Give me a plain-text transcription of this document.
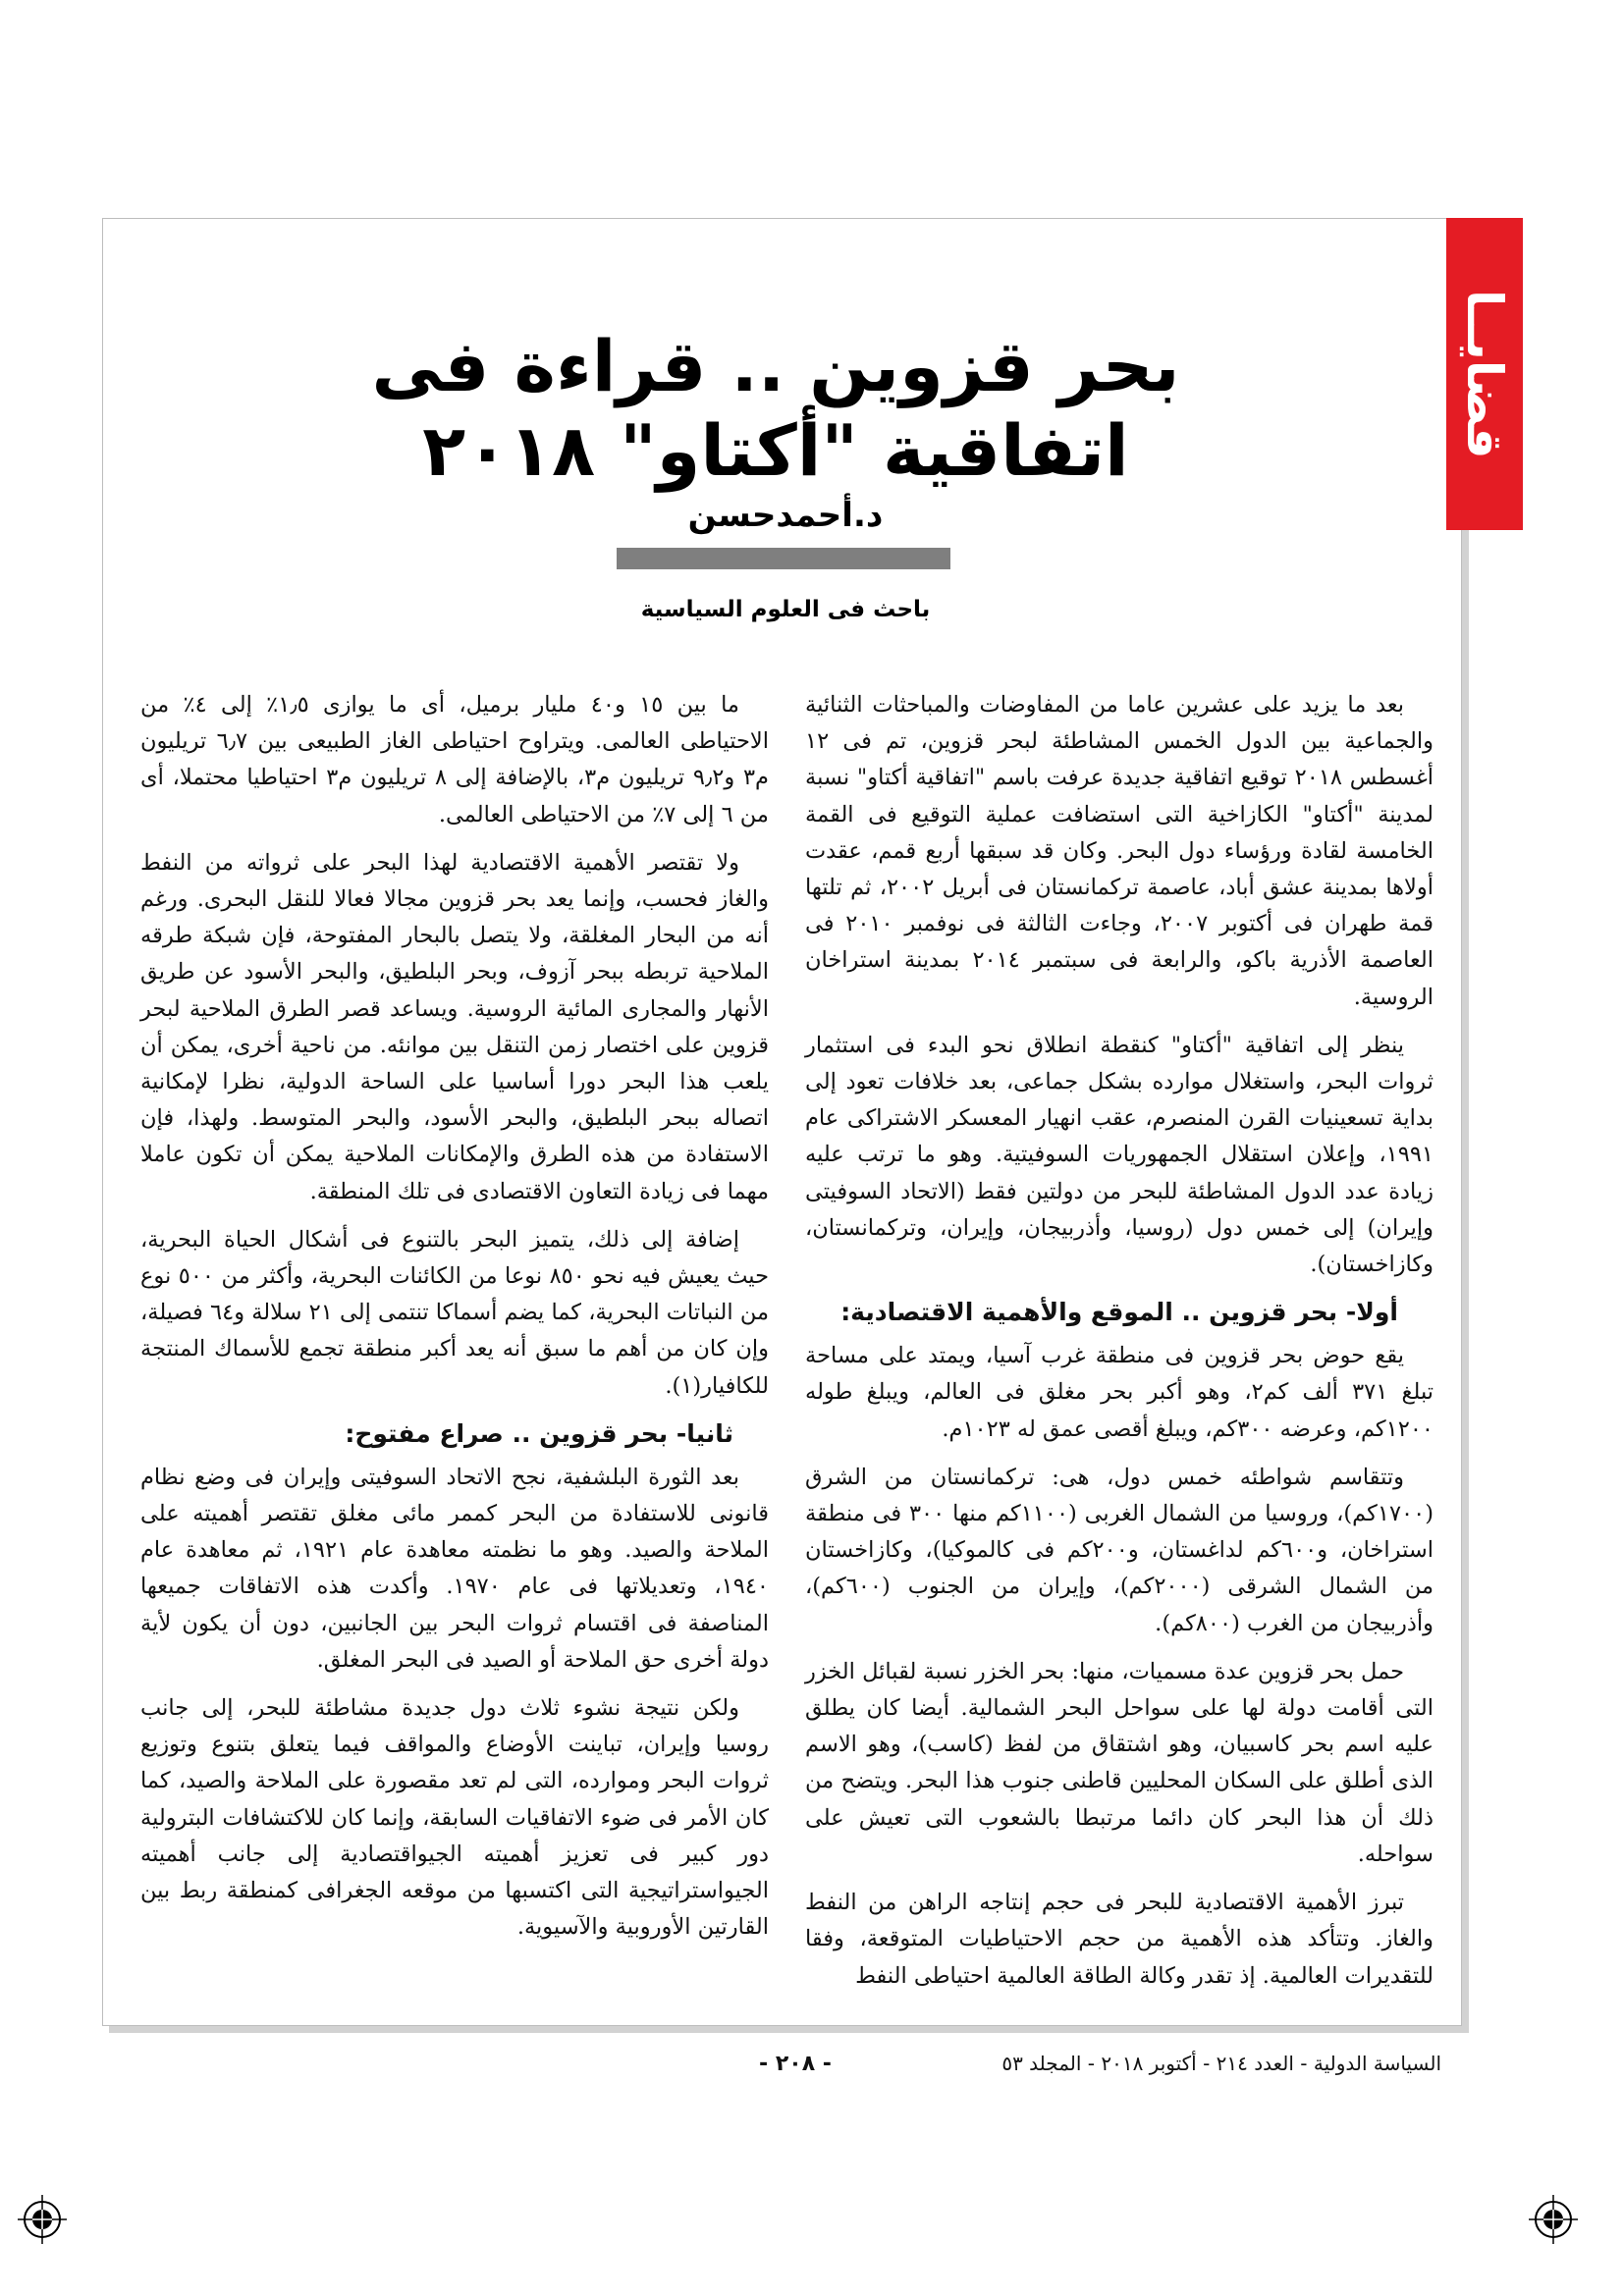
قضايــا
بحر قزوين .. قراءة فى اتفاقية "أكتاو" ٢٠١٨
د.أحمدحسن
باحث فى العلوم السياسية

بعد ما يزيد على عشرين عاما من المفاوضات والمباحثات الثنائية والجماعية بين الدول الخمس المشاطئة لبحر قزوين، تم فى ١٢ أغسطس ٢٠١٨ توقيع اتفاقية جديدة عرفت باسم "اتفاقية أكتاو" نسبة لمدينة "أكتاو" الكازاخية التى استضافت عملية التوقيع فى القمة الخامسة لقادة ورؤساء دول البحر. وكان قد سبقها أربع قمم، عقدت أولاها بمدينة عشق أباد، عاصمة تركمانستان فى أبريل ٢٠٠٢، ثم تلتها قمة طهران فى أكتوبر ٢٠٠٧، وجاءت الثالثة فى نوفمبر ٢٠١٠ فى العاصمة الأذرية باكو، والرابعة فى سبتمبر ٢٠١٤ بمدينة استراخان الروسية.

ينظر إلى اتفاقية "أكتاو" كنقطة انطلاق نحو البدء فى استثمار ثروات البحر، واستغلال موارده بشكل جماعى، بعد خلافات تعود إلى بداية تسعينيات القرن المنصرم، عقب انهيار المعسكر الاشتراكى عام ١٩٩١، وإعلان استقلال الجمهوريات السوفيتية. وهو ما ترتب عليه زيادة عدد الدول المشاطئة للبحر من دولتين فقط (الاتحاد السوفيتى وإيران) إلى خمس دول (روسيا، وأذربيجان، وإيران، وتركمانستان، وكازاخستان).

أولا- بحر قزوين .. الموقع والأهمية الاقتصادية:

يقع حوض بحر قزوين فى منطقة غرب آسيا، ويمتد على مساحة تبلغ ٣٧١ ألف كم٢، وهو أكبر بحر مغلق فى العالم، ويبلغ طوله ١٢٠٠كم، وعرضه ٣٠٠كم، ويبلغ أقصى عمق له ١٠٢٣م.

وتتقاسم شواطئه خمس دول، هى: تركمانستان من الشرق (١٧٠٠كم)، وروسيا من الشمال الغربى (١١٠٠كم منها ٣٠٠ فى منطقة استراخان، و٦٠٠كم لداغستان، و٢٠٠كم فى كالموكيا)، وكازاخستان من الشمال الشرقى (٢٠٠٠كم)، وإيران من الجنوب (٦٠٠كم)، وأذربيجان من الغرب (٨٠٠كم).

حمل بحر قزوين عدة مسميات، منها: بحر الخزر نسبة لقبائل الخزر التى أقامت دولة لها على سواحل البحر الشمالية. أيضا كان يطلق عليه اسم بحر كاسبيان، وهو اشتقاق من لفظ (كاسب)، وهو الاسم الذى أطلق على السكان المحليين قاطنى جنوب هذا البحر. ويتضح من ذلك أن هذا البحر كان دائما مرتبطا بالشعوب التى تعيش على سواحله.

تبرز الأهمية الاقتصادية للبحر فى حجم إنتاجه الراهن من النفط والغاز. وتتأكد هذه الأهمية من حجم الاحتياطيات المتوقعة، وفقا للتقديرات العالمية. إذ تقدر وكالة الطاقة العالمية احتياطى النفط

ما بين ١٥ و٤٠ مليار برميل، أى ما يوازى ١٫٥٪ إلى ٤٪ من الاحتياطى العالمى. ويتراوح احتياطى الغاز الطبيعى بين ٦٫٧ تريليون م٣ و٩٫٢ تريليون م٣، بالإضافة إلى ٨ تريليون م٣ احتياطيا محتملا، أى من ٦ إلى ٧٪ من الاحتياطى العالمى.

ولا تقتصر الأهمية الاقتصادية لهذا البحر على ثرواته من النفط والغاز فحسب، وإنما يعد بحر قزوين مجالا فعالا للنقل البحرى. ورغم أنه من البحار المغلقة، ولا يتصل بالبحار المفتوحة، فإن شبكة طرقه الملاحية تربطه ببحر آزوف، وبحر البلطيق، والبحر الأسود عن طريق الأنهار والمجارى المائية الروسية. ويساعد قصر الطرق الملاحية لبحر قزوين على اختصار زمن التنقل بين موانئه. من ناحية أخرى، يمكن أن يلعب هذا البحر دورا أساسيا على الساحة الدولية، نظرا لإمكانية اتصاله ببحر البلطيق، والبحر الأسود، والبحر المتوسط. ولهذا، فإن الاستفادة من هذه الطرق والإمكانات الملاحية يمكن أن تكون عاملا مهما فى زيادة التعاون الاقتصادى فى تلك المنطقة.

إضافة إلى ذلك، يتميز البحر بالتنوع فى أشكال الحياة البحرية، حيث يعيش فيه نحو ٨٥٠ نوعا من الكائنات البحرية، وأكثر من ٥٠٠ نوع من النباتات البحرية، كما يضم أسماكا تنتمى إلى ٢١ سلالة و٦٤ فصيلة، وإن كان من أهم ما سبق أنه يعد أكبر منطقة تجمع للأسماك المنتجة للكافيار(١).

ثانيا- بحر قزوين .. صراع مفتوح:

بعد الثورة البلشفية، نجح الاتحاد السوفيتى وإيران فى وضع نظام قانونى للاستفادة من البحر كممر مائى مغلق تقتصر أهميته على الملاحة والصيد. وهو ما نظمته معاهدة عام ١٩٢١، ثم معاهدة عام ١٩٤٠، وتعديلاتها فى عام ١٩٧٠. وأكدت هذه الاتفاقات جميعها المناصفة فى اقتسام ثروات البحر بين الجانبين، دون أن يكون لأية دولة أخرى حق الملاحة أو الصيد فى البحر المغلق.

ولكن نتيجة نشوء ثلاث دول جديدة مشاطئة للبحر، إلى جانب روسيا وإيران، تباينت الأوضاع والمواقف فيما يتعلق بتنوع وتوزيع ثروات البحر وموارده، التى لم تعد مقصورة على الملاحة والصيد، كما كان الأمر فى ضوء الاتفاقيات السابقة، وإنما كان للاكتشافات البترولية دور كبير فى تعزيز أهميته الجيواقتصادية إلى جانب أهميته الجيواستراتيجية التى اكتسبها من موقعه الجغرافى كمنطقة ربط بين القارتين الأوروبية والآسيوية.

السياسة الدولية - العدد ٢١٤ - أكتوبر ٢٠١٨ - المجلد ٥٣
- ٢٠٨ -
